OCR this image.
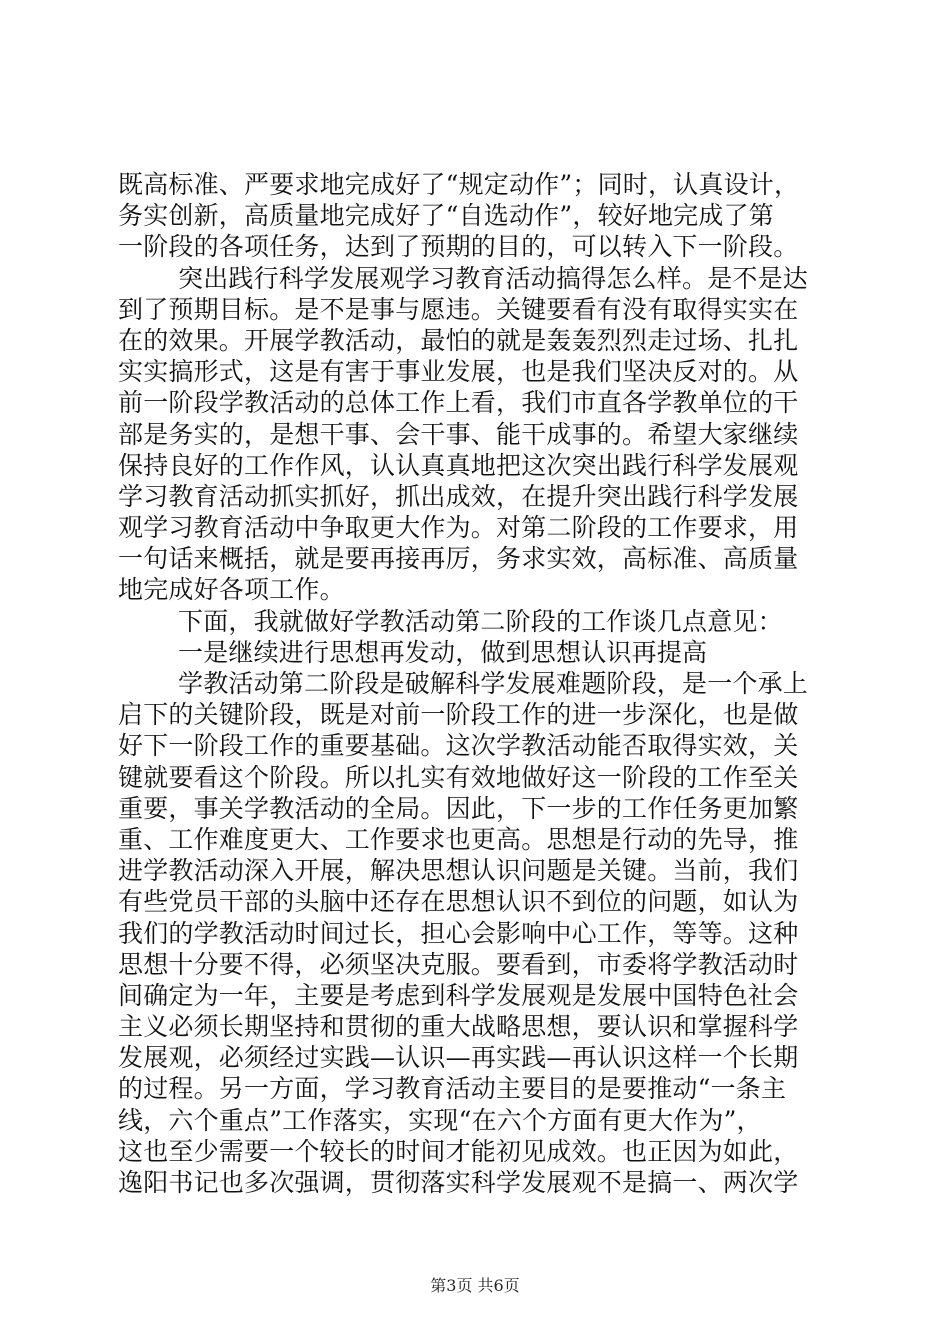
既高标准、严要求地完成好了“规定动作”；同时，认真设计，
务实创新，高质量地完成好了“自选动作”，较好地完成了第
一阶段的各项任务，达到了预期的目的，可以转入下一阶段。
突出践行科学发展观学习教育活动搞得怎么样。是不是达
到了预期目标。是不是事与愿违。关键要看有没有取得实实在
在的效果。开展学教活动，最怕的就是轰轰烈烈走过场、扎扎
实实搞形式，这是有害于事业发展，也是我们坚决反对的。从
前一阶段学教活动的总体工作上看，我们市直各学教单位的干
部是务实的，是想干事、会干事、能干成事的。希望大家继续
保持良好的工作作风，认认真真地把这次突出践行科学发展观
学习教育活动抓实抓好，抓出成效，在提升突出践行科学发展
观学习教育活动中争取更大作为。对第二阶段的工作要求，用
一句话来概括，就是要再接再厉，务求实效，高标准、高质量
地完成好各项工作。
下面，我就做好学教活动第二阶段的工作谈几点意见：
一是继续进行思想再发动，做到思想认识再提高
学教活动第二阶段是破解科学发展难题阶段，是一个承上
启下的关键阶段，既是对前一阶段工作的进一步深化，也是做
好下一阶段工作的重要基础。这次学教活动能否取得实效，关
键就要看这个阶段。所以扎实有效地做好这一阶段的工作至关
重要，事关学教活动的全局。因此，下一步的工作任务更加繁
重、工作难度更大、工作要求也更高。思想是行动的先导，推
进学教活动深入开展，解决思想认识问题是关键。当前，我们
有些党员干部的头脑中还存在思想认识不到位的问题，如认为
我们的学教活动时间过长，担心会影响中心工作，等等。这种
思想十分要不得，必须坚决克服。要看到，市委将学教活动时
间确定为一年，主要是考虑到科学发展观是发展中国特色社会
主义必须长期坚持和贯彻的重大战略思想，要认识和掌握科学
发展观，必须经过实践—认识—再实践—再认识这样一个长期
的过程。另一方面，学习教育活动主要目的是要推动“一条主
线，六个重点”工作落实，实现“在六个方面有更大作为”，
这也至少需要一个较长的时间才能初见成效。也正因为如此，
逸阳书记也多次强调，贯彻落实科学发展观不是搞一、两次学
第3页 共6页
